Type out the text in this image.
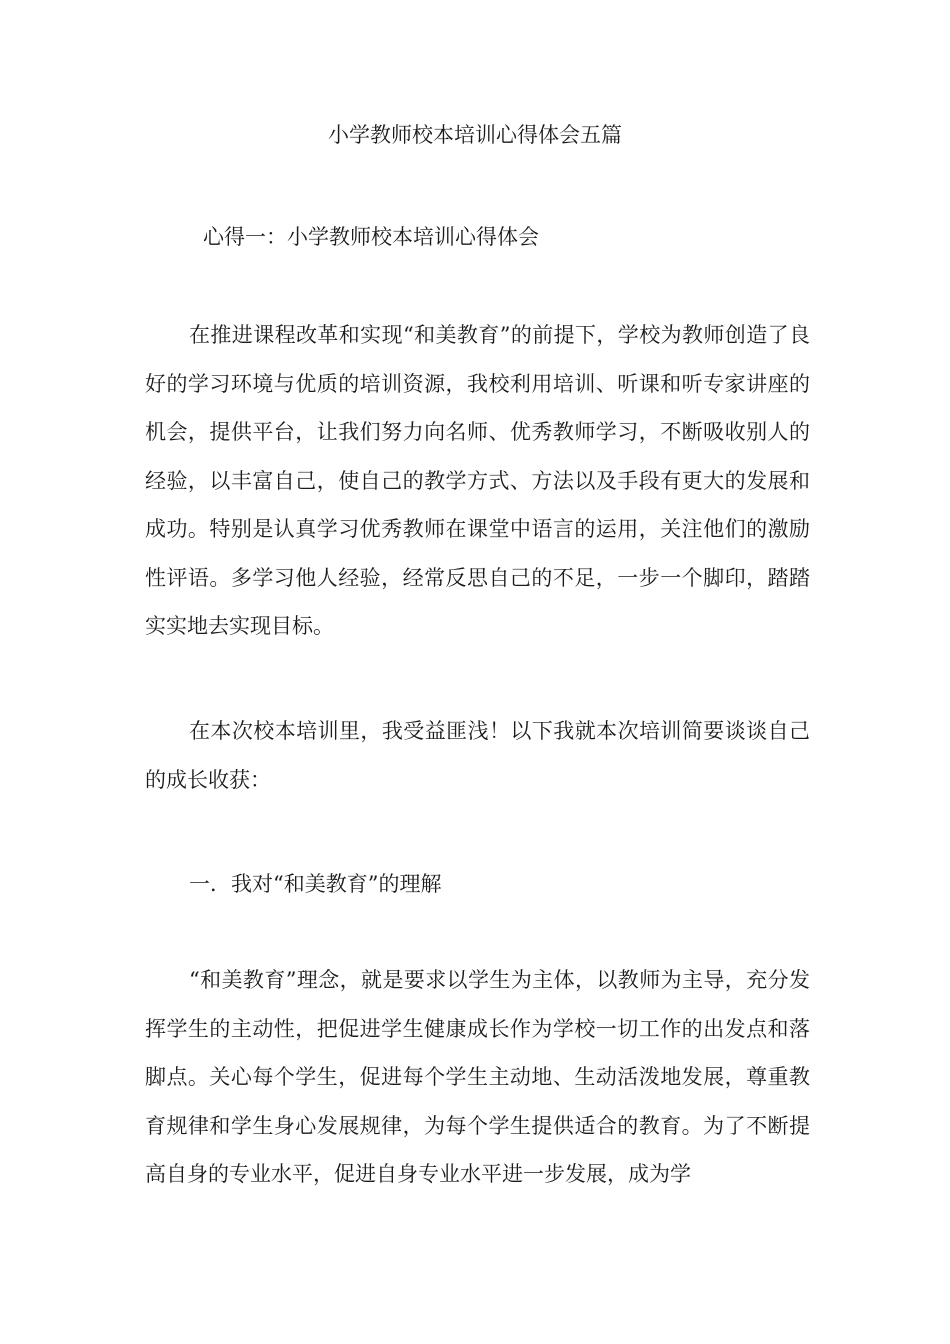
小学教师校本培训心得体会五篇
心得一：小学教师校本培训心得体会

在推进课程改革和实现“和美教育”的前提下，学校为教师创造了良好的学习环境与优质的培训资源，我校利用培训、听课和听专家讲座的机会，提供平台，让我们努力向名师、优秀教师学习，不断吸收别人的经验，以丰富自己，使自己的教学方式、方法以及手段有更大的发展和成功。特别是认真学习优秀教师在课堂中语言的运用，关注他们的激励性评语。多学习他人经验，经常反思自己的不足，一步一个脚印，踏踏实实地去实现目标。

在本次校本培训里，我受益匪浅！以下我就本次培训简要谈谈自己的成长收获：

一．我对“和美教育”的理解

“和美教育”理念，就是要求以学生为主体，以教师为主导，充分发挥学生的主动性，把促进学生健康成长作为学校一切工作的出发点和落脚点。关心每个学生，促进每个学生主动地、生动活泼地发展，尊重教育规律和学生身心发展规律，为每个学生提供适合的教育。为了不断提高自身的专业水平，促进自身专业水平进一步发展，成为学
